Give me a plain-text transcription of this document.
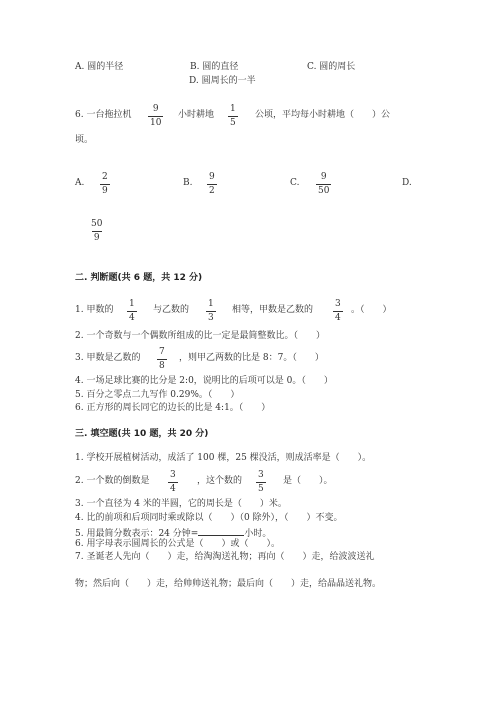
A. 圆的半径	B. 圆的直径	C. 圆的周长
D. 圆周长的一半
6. 一台拖拉机 $\frac{9}{10}$ 小时耕地 $\frac{1}{5}$ 公顷，平均每小时耕地（　　）公
顷。
A. $\frac{2}{9}$	B. $\frac{9}{2}$	C. $\frac{9}{50}$	D.
$\frac{50}{9}$
二. 判断题(共 6 题，共 12 分)
1. 甲数的 $\frac{1}{4}$ 与乙数的 $\frac{1}{3}$ 相等，甲数是乙数的 $\frac{3}{4}$ 。（　　）
2. 一个奇数与一个偶数所组成的比一定是最简整数比。（　　）
3. 甲数是乙数的 $\frac{7}{8}$ ，则甲乙两数的比是 8：7。（　　）
4. 一场足球比赛的比分是 2:0，说明比的后项可以是 0。（　　）
5. 百分之零点二九写作 0.29%。（　　）
6. 正方形的周长同它的边长的比是 4:1。（　　）
三. 填空题(共 10 题，共 20 分)
1. 学校开展植树活动，成活了 100 棵，25 棵没活，则成活率是（　　）。
2. 一个数的倒数是 $\frac{3}{4}$ ，这个数的 $\frac{3}{5}$ 是（　　）。
3. 一个直径为 4 米的半圆，它的周长是（　　）米。
4. 比的前项和后项同时乘或除以（　　）（0 除外），（　　）不变。
5. 用最简分数表示：24 分钟=	小时。
6. 用字母表示圆周长的公式是（　　）或（　　）。
7. 圣诞老人先向（　　）走，给淘淘送礼物；再向（　　）走，给波波送礼
物；然后向（　　）走，给帅帅送礼物；最后向（　　）走，给晶晶送礼物。
